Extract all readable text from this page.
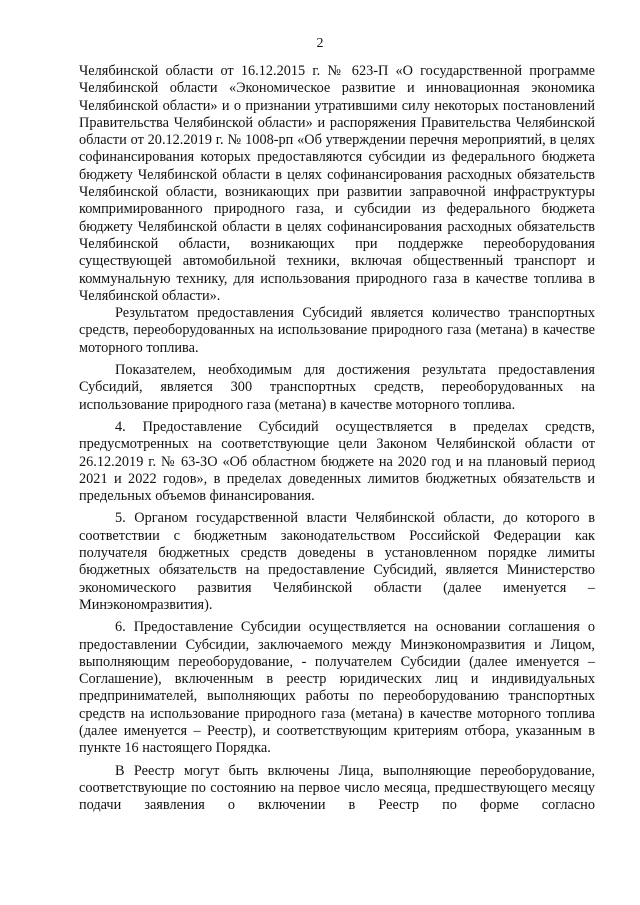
2

Челябинской области от 16.12.2015 г. № 623-П «О государственной программе Челябинской области «Экономическое развитие и инновационная экономика Челябинской области» и о признании утратившими силу некоторых постановлений Правительства Челябинской области» и распоряжения Правительства Челябинской области от 20.12.2019 г. № 1008-рп «Об утверждении перечня мероприятий, в целях софинансирования которых предоставляются субсидии из федерального бюджета бюджету Челябинской области в целях софинансирования расходных обязательств Челябинской области, возникающих при развитии заправочной инфраструктуры компримированного природного газа, и субсидии из федерального бюджета бюджету Челябинской области в целях софинансирования расходных обязательств Челябинской области, возникающих при поддержке переоборудования существующей автомобильной техники, включая общественный транспорт и коммунальную технику, для использования природного газа в качестве топлива в Челябинской области».

Результатом предоставления Субсидий является количество транспортных средств, переоборудованных на использование природного газа (метана) в качестве моторного топлива.

Показателем, необходимым для достижения результата предоставления Субсидий, является 300 транспортных средств, переоборудованных на использование природного газа (метана) в качестве моторного топлива.

4. Предоставление Субсидий осуществляется в пределах средств, предусмотренных на соответствующие цели Законом Челябинской области от 26.12.2019 г. № 63-ЗО «Об областном бюджете на 2020 год и на плановый период 2021 и 2022 годов», в пределах доведенных лимитов бюджетных обязательств и предельных объемов финансирования.

5. Органом государственной власти Челябинской области, до которого в соответствии с бюджетным законодательством Российской Федерации как получателя бюджетных средств доведены в установленном порядке лимиты бюджетных обязательств на предоставление Субсидий, является Министерство экономического развития Челябинской области (далее именуется – Минэкономразвития).

6. Предоставление Субсидии осуществляется на основании соглашения о предоставлении Субсидии, заключаемого между Минэкономразвития и Лицом, выполняющим переоборудование, - получателем Субсидии (далее именуется – Соглашение), включенным в реестр юридических лиц и индивидуальных предпринимателей, выполняющих работы по переоборудованию транспортных средств на использование природного газа (метана) в качестве моторного топлива (далее именуется – Реестр), и соответствующим критериям отбора, указанным в пункте 16 настоящего Порядка.

В Реестр могут быть включены Лица, выполняющие переоборудование, соответствующие по состоянию на первое число месяца, предшествующего месяцу подачи заявления о включении в Реестр по форме согласно
